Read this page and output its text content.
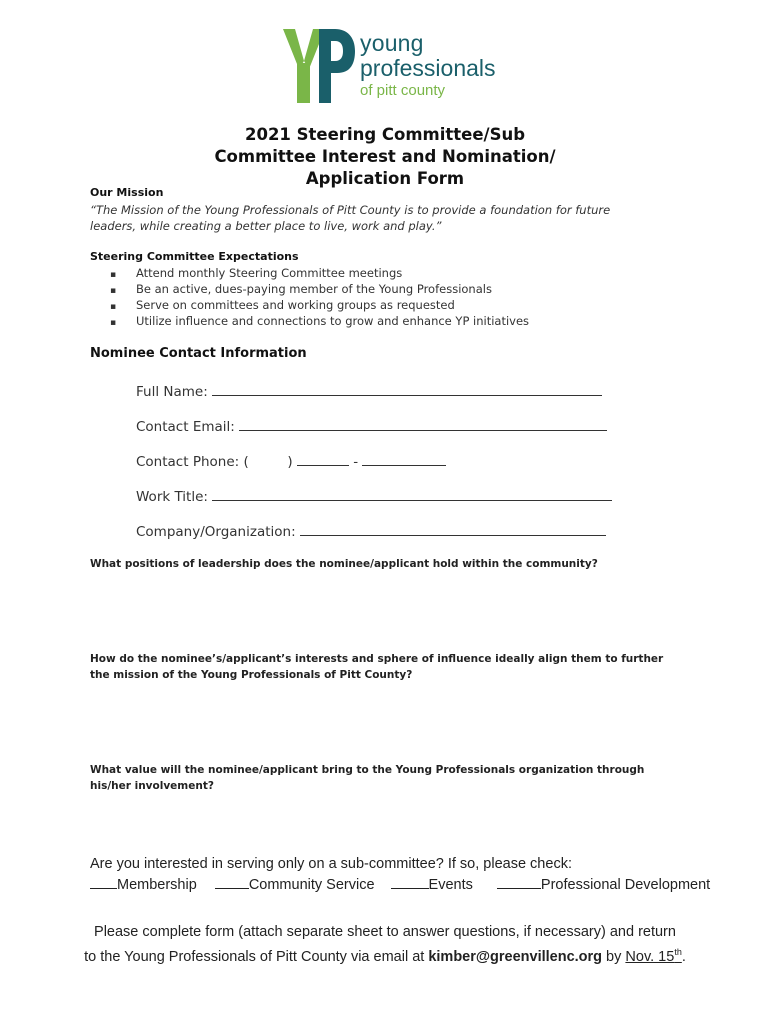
young
professionals
of pitt county
2021 Steering Committee/Sub
Committee Interest and Nomination/
Application Form
Our Mission
“The Mission of the Young Professionals of Pitt County is to provide a foundation for future leaders, while creating a better place to live, work and play.”
Steering Committee Expectations
▪ Attend monthly Steering Committee meetings
▪ Be an active, dues-paying member of the Young Professionals
▪ Serve on committees and working groups as requested
▪ Utilize influence and connections to grow and enhance YP initiatives
Nominee Contact Information
Full Name:
Contact Email:
Contact Phone: (	)	-
Work Title:
Company/Organization:
What positions of leadership does the nominee/applicant hold within the community?
How do the nominee’s/applicant’s interests and sphere of influence ideally align them to further the mission of the Young Professionals of Pitt County?
What value will the nominee/applicant bring to the Young Professionals organization through his/her involvement?
Are you interested in serving only on a sub-committee? If so, please check:
Membership	Community Service	Events	Professional Development
Please complete form (attach separate sheet to answer questions, if necessary) and return
to the Young Professionals of Pitt County via email at kimber@greenvillenc.org by Nov. 15th.
